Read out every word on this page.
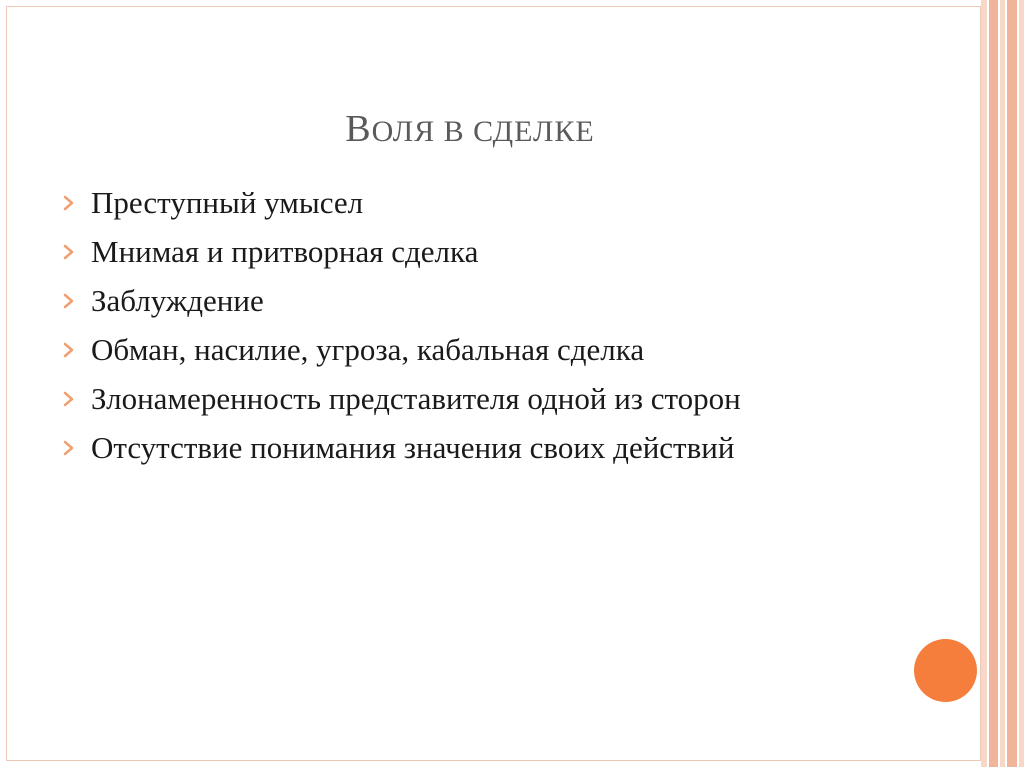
ВОЛЯ В СДЕЛКЕ
Преступный умысел
Мнимая и притворная сделка
Заблуждение
Обман, насилие, угроза, кабальная сделка
Злонамеренность представителя одной из сторон
Отсутствие понимания значения своих действий
